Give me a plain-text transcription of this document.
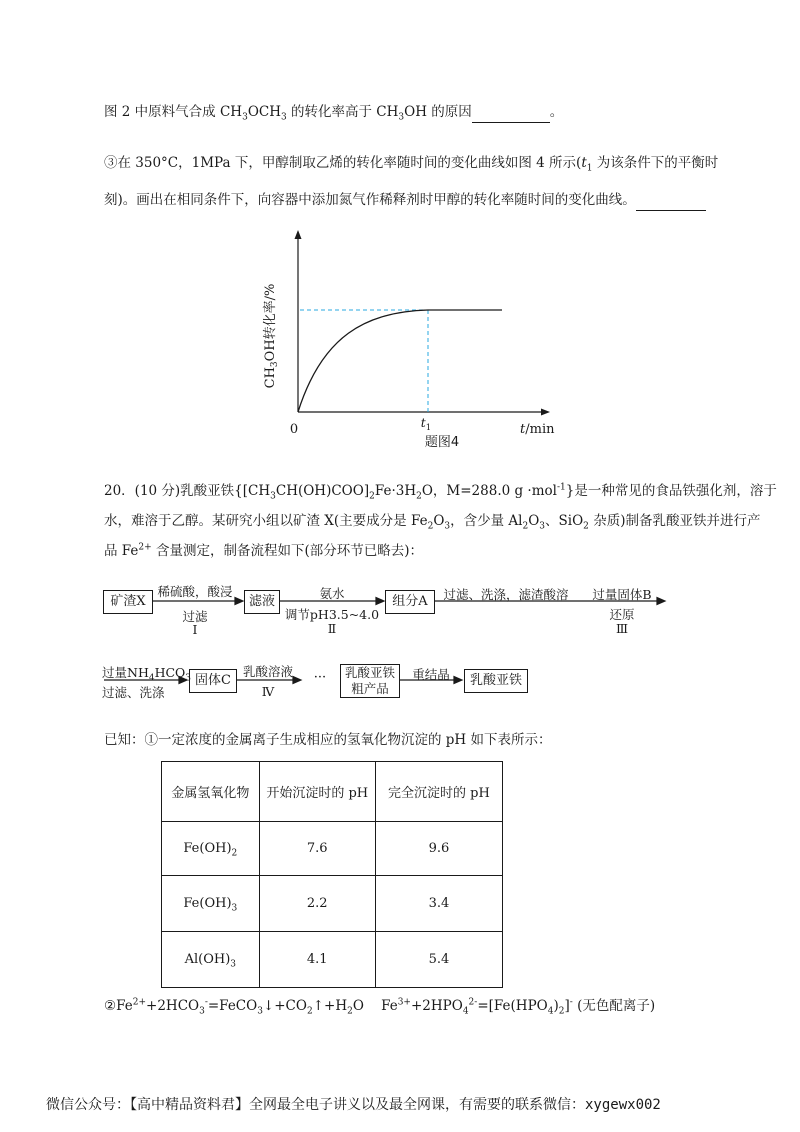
图 2 中原料气合成 $CH_3OCH_3$ 的转化率高于 $CH_3OH$ 的原因	。
③在 350°C，1MPa 下，甲醇制取乙烯的转化率随时间的变化曲线如图 4 所示($t_1$ 为该条件下的平衡时
刻)。画出在相同条件下，向容器中添加氮气作稀释剂时甲醇的转化率随时间的变化曲线。
$CH_3OH$转化率/%
0	$t_1$	t/min
题图4
20．(10 分)乳酸亚铁{$[CH_3CH(OH)COO]_2Fe\cdot 3H_2O$，M=288.0 g ·mol$^{-1}$}是一种常见的食品铁强化剂，溶于
水，难溶于乙醇。某研究小组以矿渣 X(主要成分是 $Fe_2O_3$，含少量 $Al_2O_3$、SiO$_2$ 杂质)制备乳酸亚铁并进行产
品 $Fe^{2+}$ 含量测定，制备流程如下(部分环节已略去)：
矿渣X	滤液	组分A
固体C
乳酸亚铁
粗产品
乳酸亚铁
稀硫酸，酸浸
过滤
Ⅰ
氨水
调节pH3.5~4.0
Ⅱ
过滤、洗涤，滤渣酸溶	过量固体B
还原
Ⅲ
过量$NH_4HCO_3$
过滤、洗涤
乳酸溶液
Ⅳ
···	重结晶
已知：①一定浓度的金属离子生成相应的氢氧化物沉淀的 pH 如下表所示：
金属氢氧化物	开始沉淀时的 pH	完全沉淀时的 pH
$Fe(OH)_2$	7.6	9.6
$Fe(OH)_3$	2.2	3.4
$Al(OH)_3$	4.1	5.4
$②Fe^{2+}+2HCO_3^-=FeCO_3↓+CO_2↑+H_2O$    $Fe^{3+}+2HPO_4^{2-}=[Fe(HPO_4)_2]^-$ (无色配离子)
微信公众号：【高中精品资料君】全网最全电子讲义以及最全网课，有需要的联系微信：xygewx002
